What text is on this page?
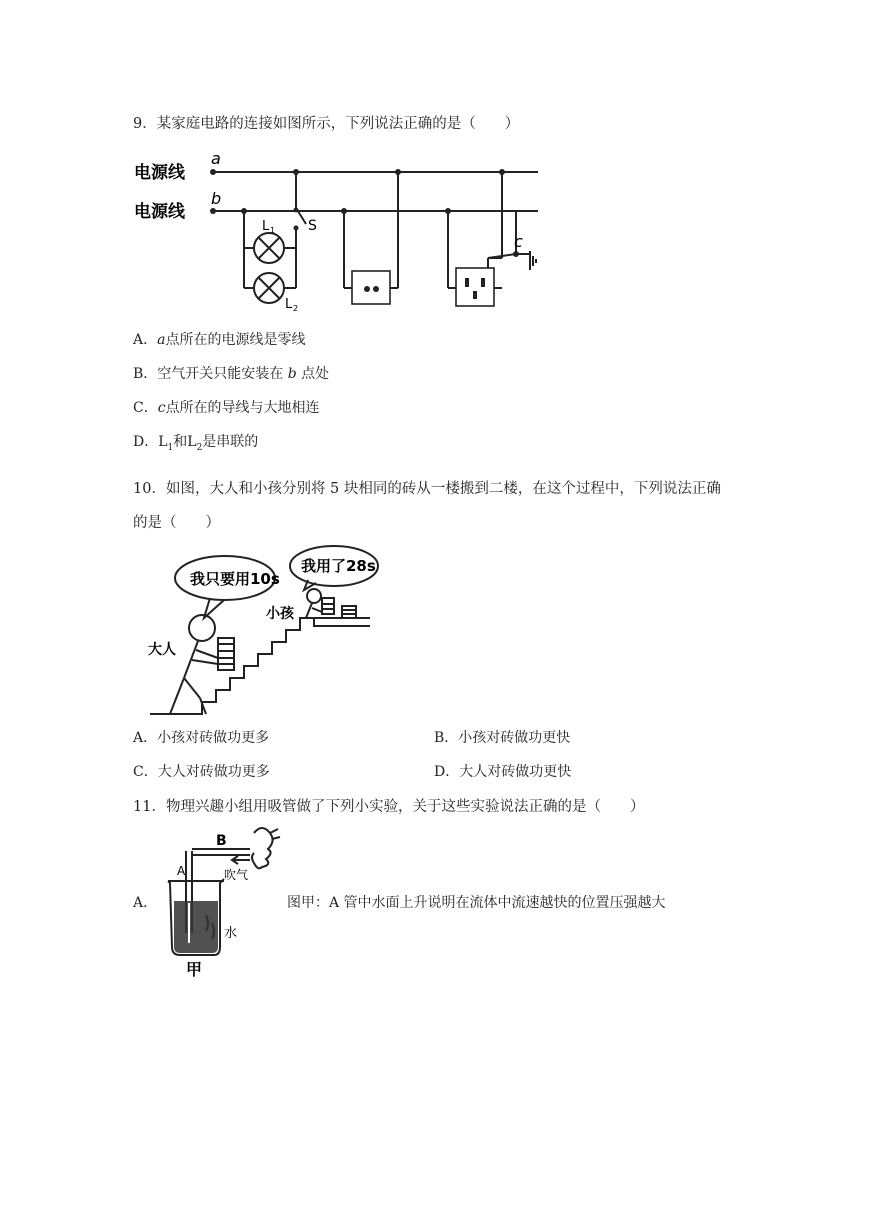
9．某家庭电路的连接如图所示，下列说法正确的是（　　）
电源线
电源线
a
b
c
L 1
L 2
S
A．a点所在的电源线是零线
B．空气开关只能安装在 b 点处
C．c点所在的导线与大地相连
D．$L_1$和$L_2$是串联的
10．如图，大人和小孩分别将 5 块相同的砖从一楼搬到二楼，在这个过程中，下列说法正确
的是（　　）
我只要用10s
我用了28s
大人
小孩
A．小孩对砖做功更多	B．小孩对砖做功更快
C．大人对砖做功更多	D．大人对砖做功更快
11．物理兴趣小组用吸管做了下列小实验，关于这些实验说法正确的是（　　）
A．
A
B
吹气
水
甲
图甲：A 管中水面上升说明在流体中流速越快的位置压强越大
